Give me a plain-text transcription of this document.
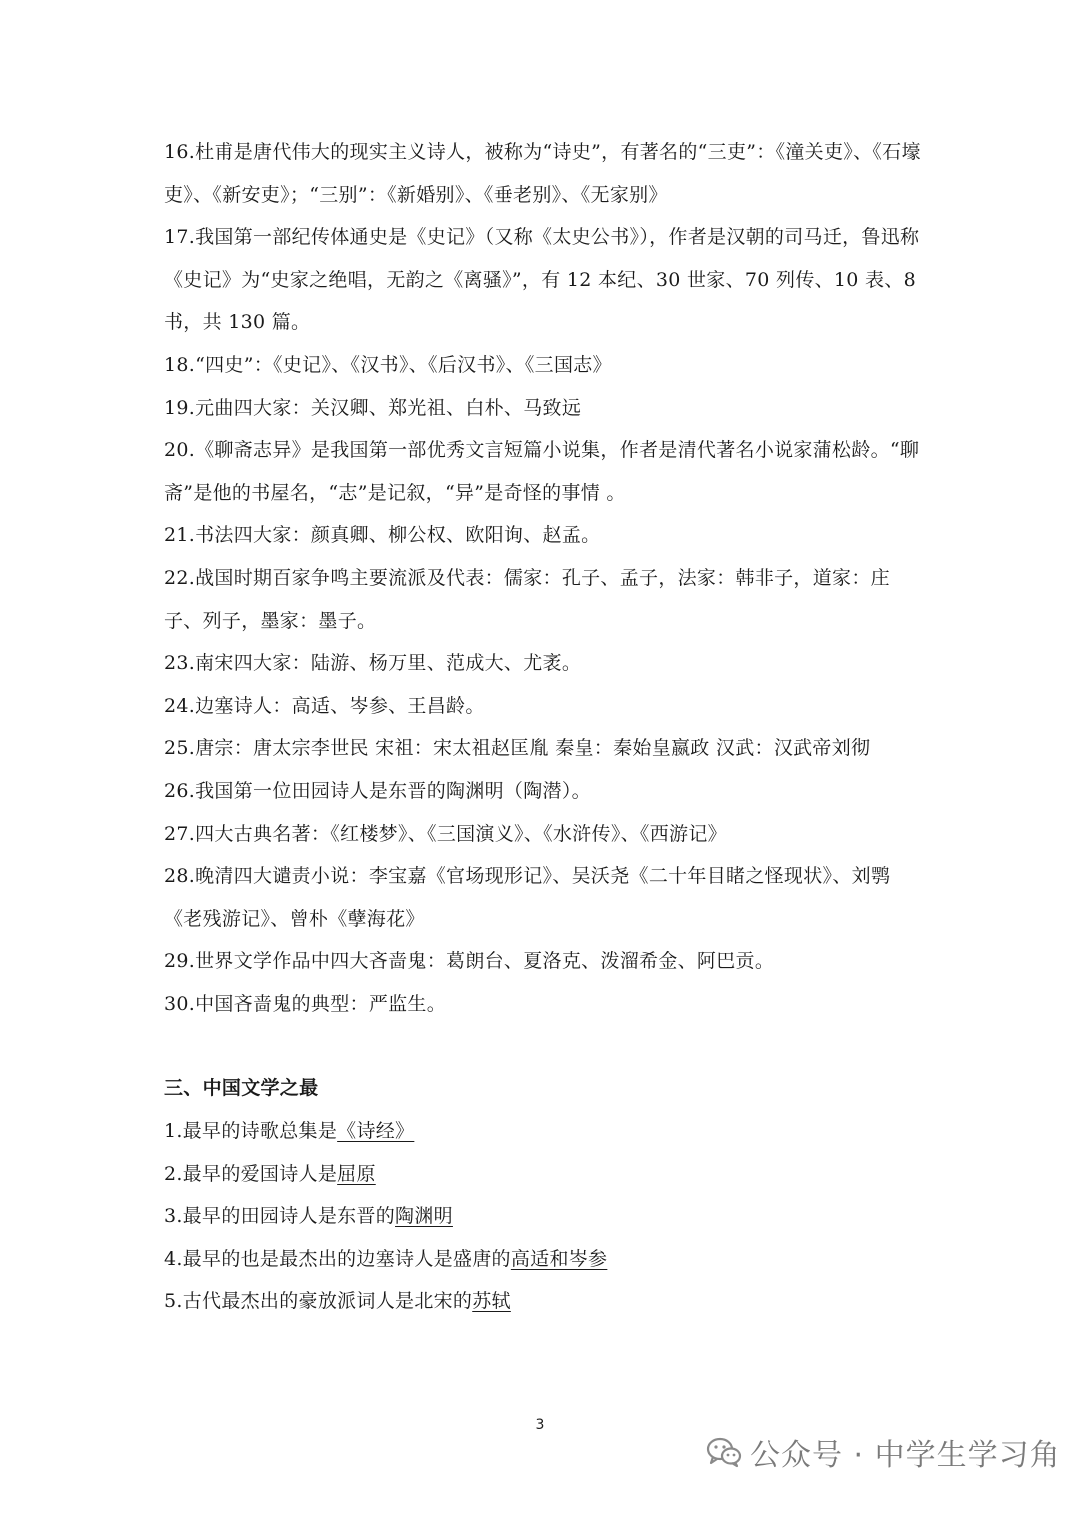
16.杜甫是唐代伟大的现实主义诗人，被称为“诗史”，有著名的“三吏”：《潼关吏》、《石壕吏》、《新安吏》；“三别”：《新婚别》、《垂老别》、《无家别》

17.我国第一部纪传体通史是《史记》（又称《太史公书》），作者是汉朝的司马迁，鲁迅称《史记》为“史家之绝唱，无韵之《离骚》”，有 12 本纪、30 世家、70 列传、10 表、8 书，共 130 篇。

18.“四史”：《史记》、《汉书》、《后汉书》、《三国志》

19.元曲四大家：关汉卿、郑光祖、白朴、马致远

20.《聊斋志异》是我国第一部优秀文言短篇小说集，作者是清代著名小说家蒲松龄。“聊斋”是他的书屋名，“志”是记叙，“异”是奇怪的事情 。

21.书法四大家：颜真卿、柳公权、欧阳询、赵孟。

22.战国时期百家争鸣主要流派及代表：儒家：孔子、孟子，法家：韩非子，道家：庄子、列子，墨家：墨子。

23.南宋四大家：陆游、杨万里、范成大、尤袤。

24.边塞诗人：高适、岑参、王昌龄。

25.唐宗：唐太宗李世民 宋祖：宋太祖赵匡胤 秦皇：秦始皇嬴政 汉武：汉武帝刘彻

26.我国第一位田园诗人是东晋的陶渊明（陶潜）。

27.四大古典名著：《红楼梦》、《三国演义》、《水浒传》、《西游记》

28.晚清四大谴责小说：李宝嘉《官场现形记》、吴沃尧《二十年目睹之怪现状》、刘鹗《老残游记》、曾朴《孽海花》

29.世界文学作品中四大吝啬鬼：葛朗台、夏洛克、泼溜希金、阿巴贡。

30.中国吝啬鬼的典型：严监生。

三、中国文学之最

1.最早的诗歌总集是《诗经》

2.最早的爱国诗人是屈原

3.最早的田园诗人是东晋的陶渊明

4.最早的也是最杰出的边塞诗人是盛唐的高适和岑参

5.古代最杰出的豪放派词人是北宋的苏轼

3
公众号 · 中学生学习角
